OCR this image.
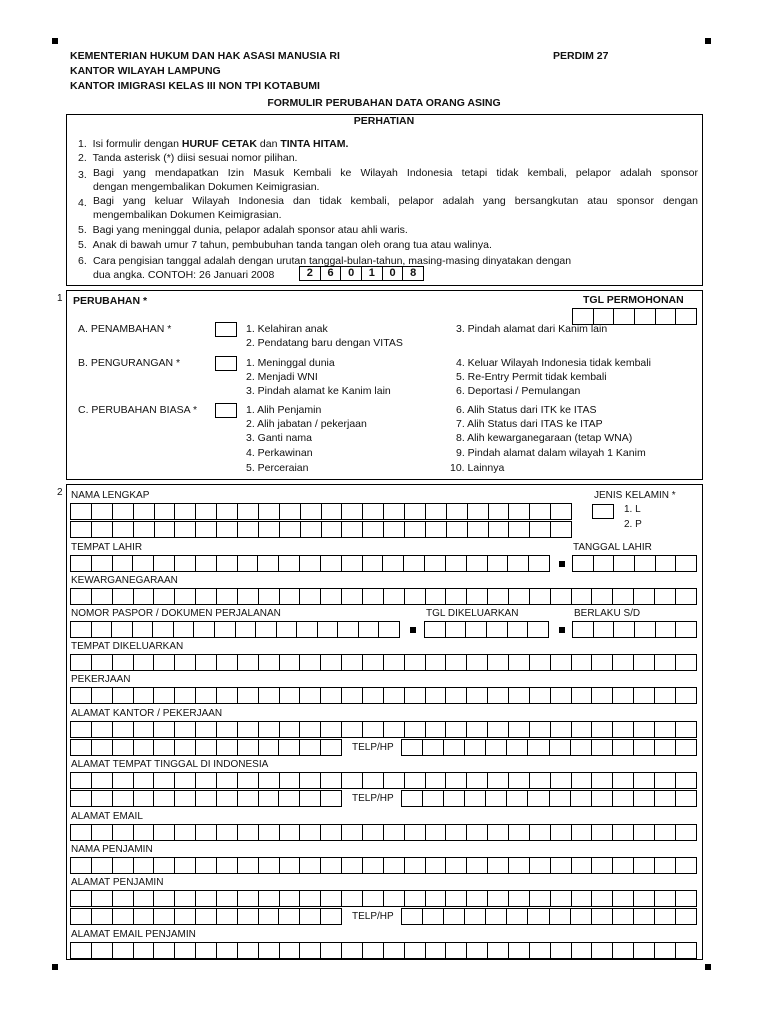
KEMENTERIAN HUKUM DAN HAK ASASI MANUSIA RI
KANTOR WILAYAH LAMPUNG
KANTOR IMIGRASI KELAS III NON TPI KOTABUMI
PERDIM 27
FORMULIR PERUBAHAN DATA ORANG ASING
PERHATIAN
1. Isi formulir dengan HURUF CETAK dan TINTA HITAM.
2. Tanda asterisk (*) diisi sesuai nomor pilihan.
3. Bagi yang mendapatkan Izin Masuk Kembali ke Wilayah Indonesia tetapi tidak kembali, pelapor adalah sponsor
dengan mengembalikan Dokumen Keimigrasian.
4. Bagi yang keluar Wilayah Indonesia dan tidak kembali, pelapor adalah yang bersangkutan atau sponsor dengan
mengembalikan Dokumen Keimigrasian.
5. Bagi yang meninggal dunia, pelapor adalah sponsor atau ahli waris.
5. Anak di bawah umur 7 tahun, pembubuhan tanda tangan oleh orang tua atau walinya.
6. Cara pengisian tanggal adalah dengan urutan tanggal-bulan-tahun, masing-masing dinyatakan dengan
dua angka. CONTOH: 26 Januari 2008	2	6	0	1	0	8
1 PERUBAHAN *	TGL PERMOHONAN
A. PENAMBAHAN *	1. Kelahiran anak
2. Pendatang baru dengan VITAS
3. Pindah alamat dari Kanim lain
B. PENGURANGAN *	1. Meninggal dunia
2. Menjadi WNI
3. Pindah alamat ke Kanim lain
4. Keluar Wilayah Indonesia tidak kembali
5. Re-Entry Permit tidak kembali
6. Deportasi / Pemulangan
C. PERUBAHAN BIASA *	1. Alih Penjamin
2. Alih jabatan / pekerjaan
3. Ganti nama
4. Perkawinan
5. Perceraian
6. Alih Status dari ITK ke ITAS
7. Alih Status dari ITAS ke ITAP
8. Alih kewarganegaraan (tetap WNA)
9. Pindah alamat dalam wilayah 1 Kanim
10. Lainnya
2 NAMA LENGKAP	JENIS KELAMIN *
1. L
2. P
TEMPAT LAHIR	TANGGAL LAHIR
KEWARGANEGARAAN
NOMOR PASPOR / DOKUMEN PERJALANAN	TGL DIKELUARKAN	BERLAKU S/D
TEMPAT DIKELUARKAN
PEKERJAAN
ALAMAT KANTOR / PEKERJAAN
TELP/HP
ALAMAT TEMPAT TINGGAL DI INDONESIA
TELP/HP
ALAMAT EMAIL
NAMA PENJAMIN
ALAMAT PENJAMIN
TELP/HP
ALAMAT EMAIL PENJAMIN
